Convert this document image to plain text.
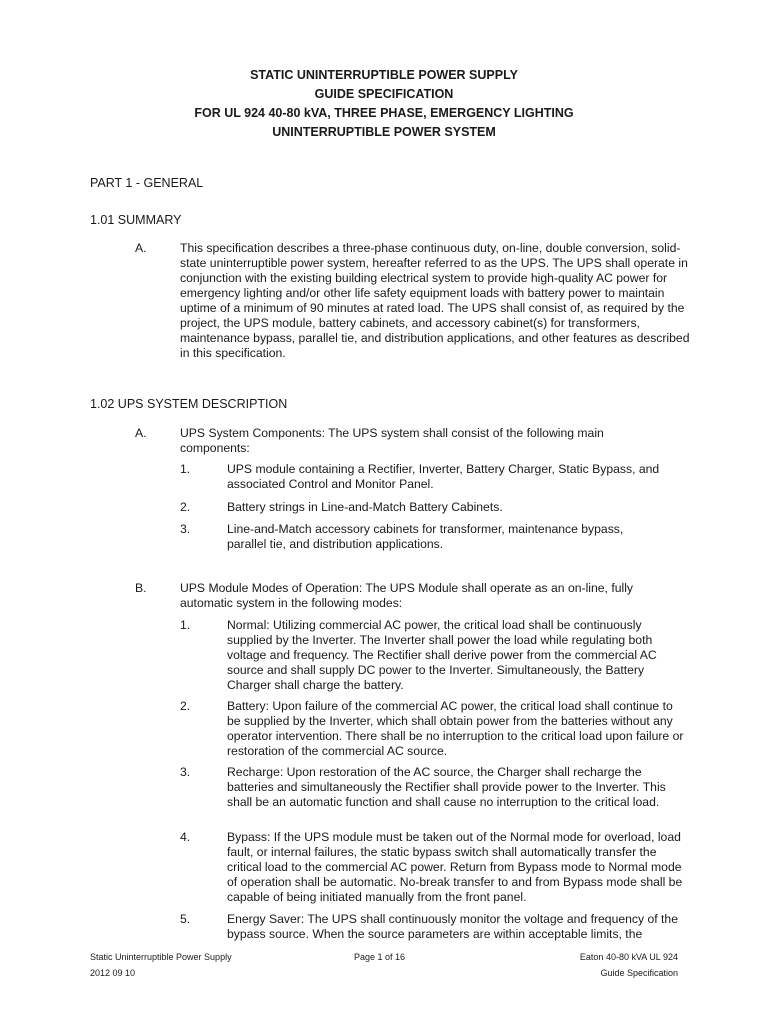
STATIC UNINTERRUPTIBLE POWER SUPPLY
GUIDE SPECIFICATION
FOR UL 924 40-80 kVA, THREE PHASE, EMERGENCY LIGHTING
UNINTERRUPTIBLE POWER SYSTEM
PART 1 - GENERAL
1.01 SUMMARY
A.	This specification describes a three-phase continuous duty, on-line, double conversion, solid-state uninterruptible power system, hereafter referred to as the UPS. The UPS shall operate in conjunction with the existing building electrical system to provide high-quality AC power for emergency lighting and/or other life safety equipment loads with battery power to maintain uptime of a minimum of 90 minutes at rated load. The UPS shall consist of, as required by the project, the UPS module, battery cabinets, and accessory cabinet(s) for transformers, maintenance bypass, parallel tie, and distribution applications, and other features as described in this specification.
1.02 UPS SYSTEM DESCRIPTION
A.	UPS System Components: The UPS system shall consist of the following main components:
1.	UPS module containing a Rectifier, Inverter, Battery Charger, Static Bypass, and associated Control and Monitor Panel.
2.	Battery strings in Line-and-Match Battery Cabinets.
3.	Line-and-Match accessory cabinets for transformer, maintenance bypass, parallel tie, and distribution applications.
B.	UPS Module Modes of Operation: The UPS Module shall operate as an on-line, fully automatic system in the following modes:
1.	Normal: Utilizing commercial AC power, the critical load shall be continuously supplied by the Inverter. The Inverter shall power the load while regulating both voltage and frequency. The Rectifier shall derive power from the commercial AC source and shall supply DC power to the Inverter. Simultaneously, the Battery Charger shall charge the battery.
2.	Battery: Upon failure of the commercial AC power, the critical load shall continue to be supplied by the Inverter, which shall obtain power from the batteries without any operator intervention. There shall be no interruption to the critical load upon failure or restoration of the commercial AC source.
3.	Recharge: Upon restoration of the AC source, the Charger shall recharge the batteries and simultaneously the Rectifier shall provide power to the Inverter. This shall be an automatic function and shall cause no interruption to the critical load.
4.	Bypass: If the UPS module must be taken out of the Normal mode for overload, load fault, or internal failures, the static bypass switch shall automatically transfer the critical load to the commercial AC power. Return from Bypass mode to Normal mode of operation shall be automatic. No-break transfer to and from Bypass mode shall be capable of being initiated manually from the front panel.
5.	Energy Saver: The UPS shall continuously monitor the voltage and frequency of the bypass source. When the source parameters are within acceptable limits, the
Static Uninterruptible Power Supply
2012 09 10
Page 1 of 16	Eaton 40-80 kVA UL 924
Guide Specification
